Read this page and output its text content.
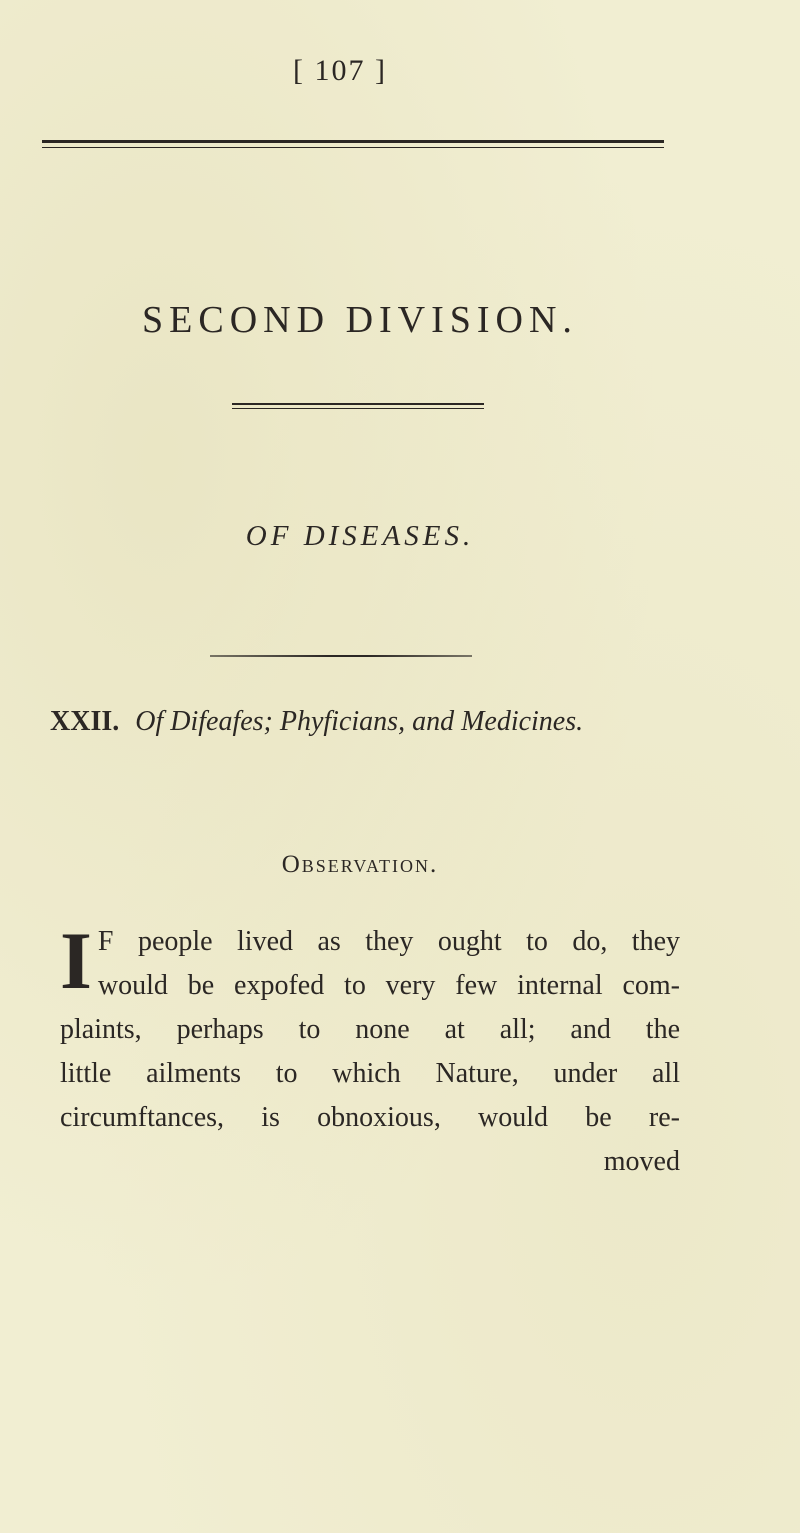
[ 107 ]
SECOND DIVISION.
OF DISEASES.
XXII. Of Difeafes; Phyficians, and Medicines.
Observation.
I F people lived as they ought to do, they
would be expofed to very few internal com-
plaints, perhaps to none at all; and the
little ailments to which Nature, under all
circumftances, is obnoxious, would be re-
moved
